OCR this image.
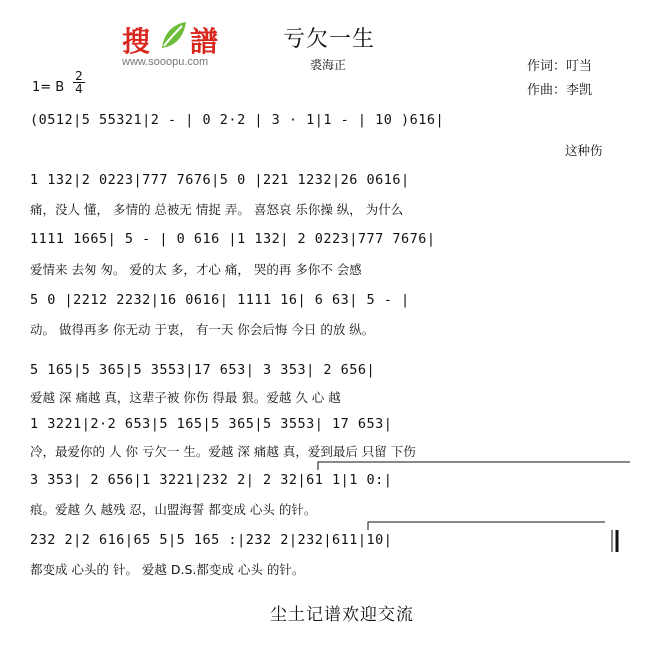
搜 譜
www.sooopu.com
亏欠一生
裘海正	作词：叮当
作曲：李凯
1= B
2
4
(0512|5 55321|2 - | 0 2·2 | 3 · 1|1 - | 10 )616|
这种伤
1 132|2 0223|777 7676|5 0 |221 1232|26 0616|
痛，没人 懂， 多情的 总被无 情捉 弄。 喜怒哀 乐你操 纵， 为什么
1111 1665| 5 - | 0 616 |1 132| 2 0223|777 7676|
爱情来 去匆 匆。 爱的太 多，才心 痛， 哭的再 多你不 会感
5 0 |2212 2232|16 0616| 1111 16| 6 63| 5 - |
动。 做得再多 你无动 于衷， 有一天 你会后悔 今日 的放 纵。
5 165|5 365|5 3553|17 653| 3 353| 2 656|
爱越 深 痛越 真，这辈子被 你伤 得最 狠。爱越 久 心 越
1 3221|2·2 653|5 165|5 365|5 3553| 17 653|
冷，最爱你的 人 你 亏欠一 生。爱越 深 痛越 真，爱到最后 只留 下伤
3 353| 2 656|1 3221|232 2| 2 32|61 1|1 0:|
痕。爱越 久 越残 忍，山盟海誓 都变成 心头 的针。
232 2|2 616|65 5|5 165 :|232 2|232|611|10|
都变成 心头的 针。 爱越 D.S.都变成 心头 的针。
尘土记谱欢迎交流
